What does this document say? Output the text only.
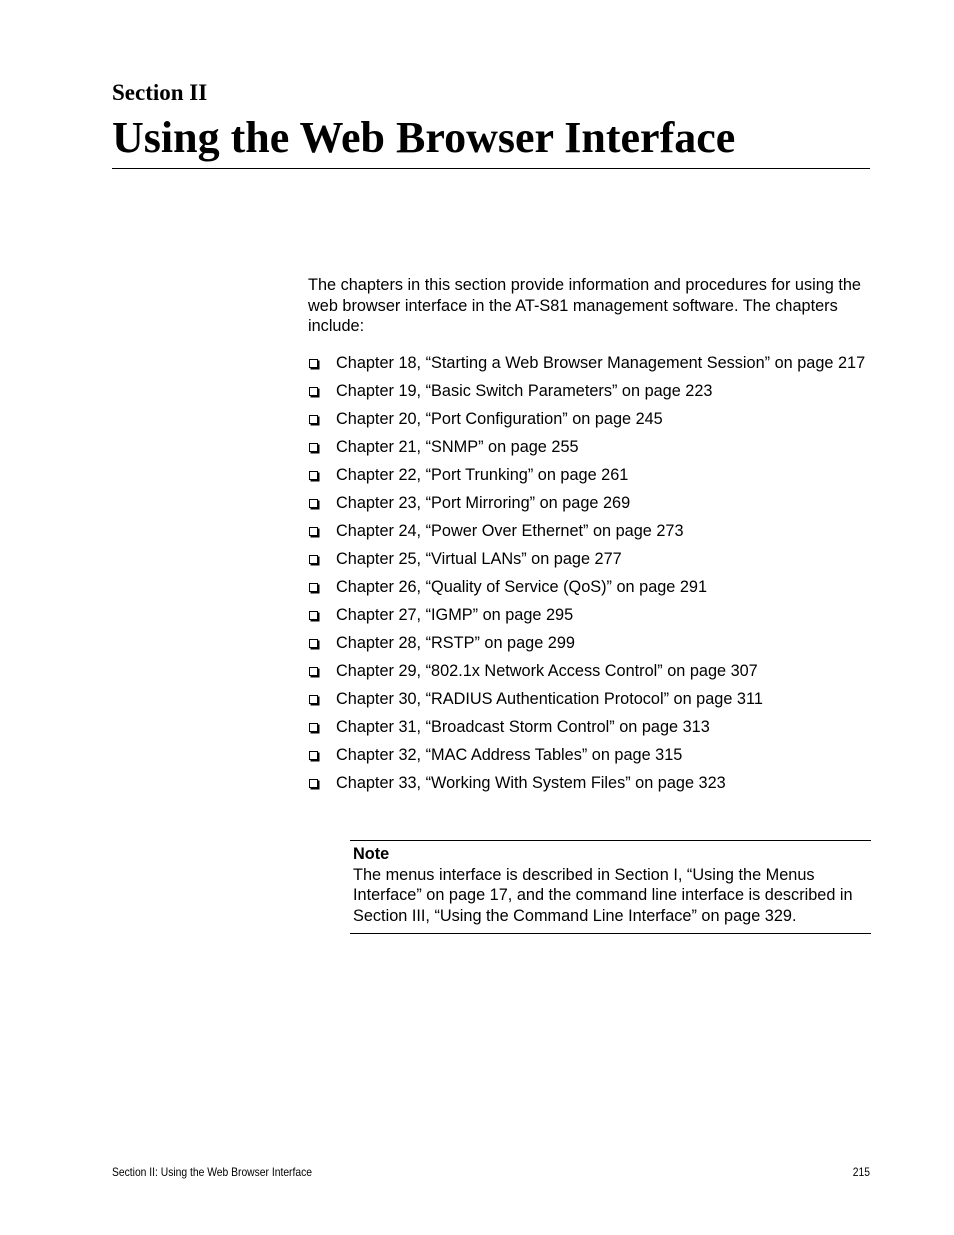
Section II
Using the Web Browser Interface

The chapters in this section provide information and procedures for using the web browser interface in the AT-S81 management software. The chapters include:

Chapter 18, “Starting a Web Browser Management Session” on page 217
Chapter 19, “Basic Switch Parameters” on page 223
Chapter 20, “Port Configuration” on page 245
Chapter 21, “SNMP” on page 255
Chapter 22, “Port Trunking” on page 261
Chapter 23, “Port Mirroring” on page 269
Chapter 24, “Power Over Ethernet” on page 273
Chapter 25, “Virtual LANs” on page 277
Chapter 26, “Quality of Service (QoS)” on page 291
Chapter 27, “IGMP” on page 295
Chapter 28, “RSTP” on page 299
Chapter 29, “802.1x Network Access Control” on page 307
Chapter 30, “RADIUS Authentication Protocol” on page 311
Chapter 31, “Broadcast Storm Control” on page 313
Chapter 32, “MAC Address Tables” on page 315
Chapter 33, “Working With System Files” on page 323

Note

The menus interface is described in Section I, “Using the Menus Interface” on page 17, and the command line interface is described in Section III, “Using the Command Line Interface” on page 329.

Section II: Using the Web Browser Interface	215
